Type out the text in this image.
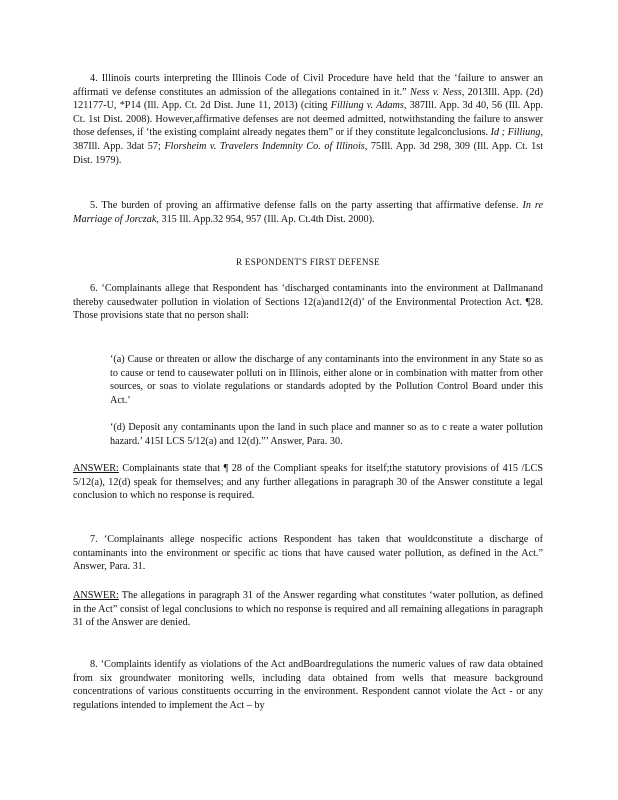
4. Illinois courts interpreting the Illinois Code of Civil Procedure have held that the ‘failure to answer an affirmati ve defense constitutes an admission of the allegations contained in it.” Ness v. Ness, 2013Ill. App. (2d) 121177-U, *P14 (Ill. App. Ct. 2d Dist. June 11, 2013) (citing Filliung v. Adams, 387Ill. App. 3d 40, 56 (Ill. App. Ct. 1st Dist. 2008). However,affirmative defenses are not deemed admitted, notwithstanding the failure to answer those defenses, if ‘the existing complaint already negates them” or if they constitute legalconclusions. Id ; Filliung, 387Ill. App. 3dat 57; Florsheim v. Travelers Indemnity Co. of Illinois, 75Ill. App. 3d 298, 309 (Ill. App. Ct. 1st Dist. 1979).

5. The burden of proving an affirmative defense falls on the party asserting that affirmative defense. In re Marriage of Jorczak, 315 Ill. App.32 954, 957 (Ill. Ap. Ct.4th Dist. 2000).

R ESPONDENT'S FIRST DEFENSE

6. ‘Complainants allege that Respondent has ‘discharged contaminants into the environment at Dallmanand thereby causedwater pollution in violation of Sections 12(a)and12(d)’ of the Environmental Protection Act. ¶28. Those provisions state that no person shall:

‘(a) Cause or threaten or allow the discharge of any contaminants into the environment in any State so as to cause or tend to causewater polluti on in Illinois, either alone or in combination with matter from other sources, or soas to violate regulations or standards adopted by the Pollution Control Board under this Act.’

‘(d) Deposit any contaminants upon the land in such place and manner so as to c reate a water pollution hazard.’ 415I LCS 5/12(a) and 12(d).”’ Answer, Para. 30.

ANSWER: Complainants state that ¶ 28 of the Compliant speaks for itself;the statutory provisions of 415 /LCS 5/12(a), 12(d) speak for themselves; and any further allegations in paragraph 30 of the Answer constitute a legal conclusion to which no response is required.

7. ‘Complainants allege nospecific actions Respondent has taken that wouldconstitute a discharge of contaminants into the environment or specific ac tions that have caused water pollution, as defined in the Act.” Answer, Para. 31.

ANSWER: The allegations in paragraph 31 of the Answer regarding what constitutes ‘water pollution, as defined in the Act” consist of legal conclusions to which no response is required and all remaining allegations in paragraph 31 of the Answer are denied.

8. ‘Complaints identify as violations of the Act andBoardregulations the numeric values of raw data obtained from six groundwater monitoring wells, including data obtained from wells that measure background concentrations of various constituents occurring in the environment. Respondent cannot violate the Act - or any regulations intended to implement the Act – by
